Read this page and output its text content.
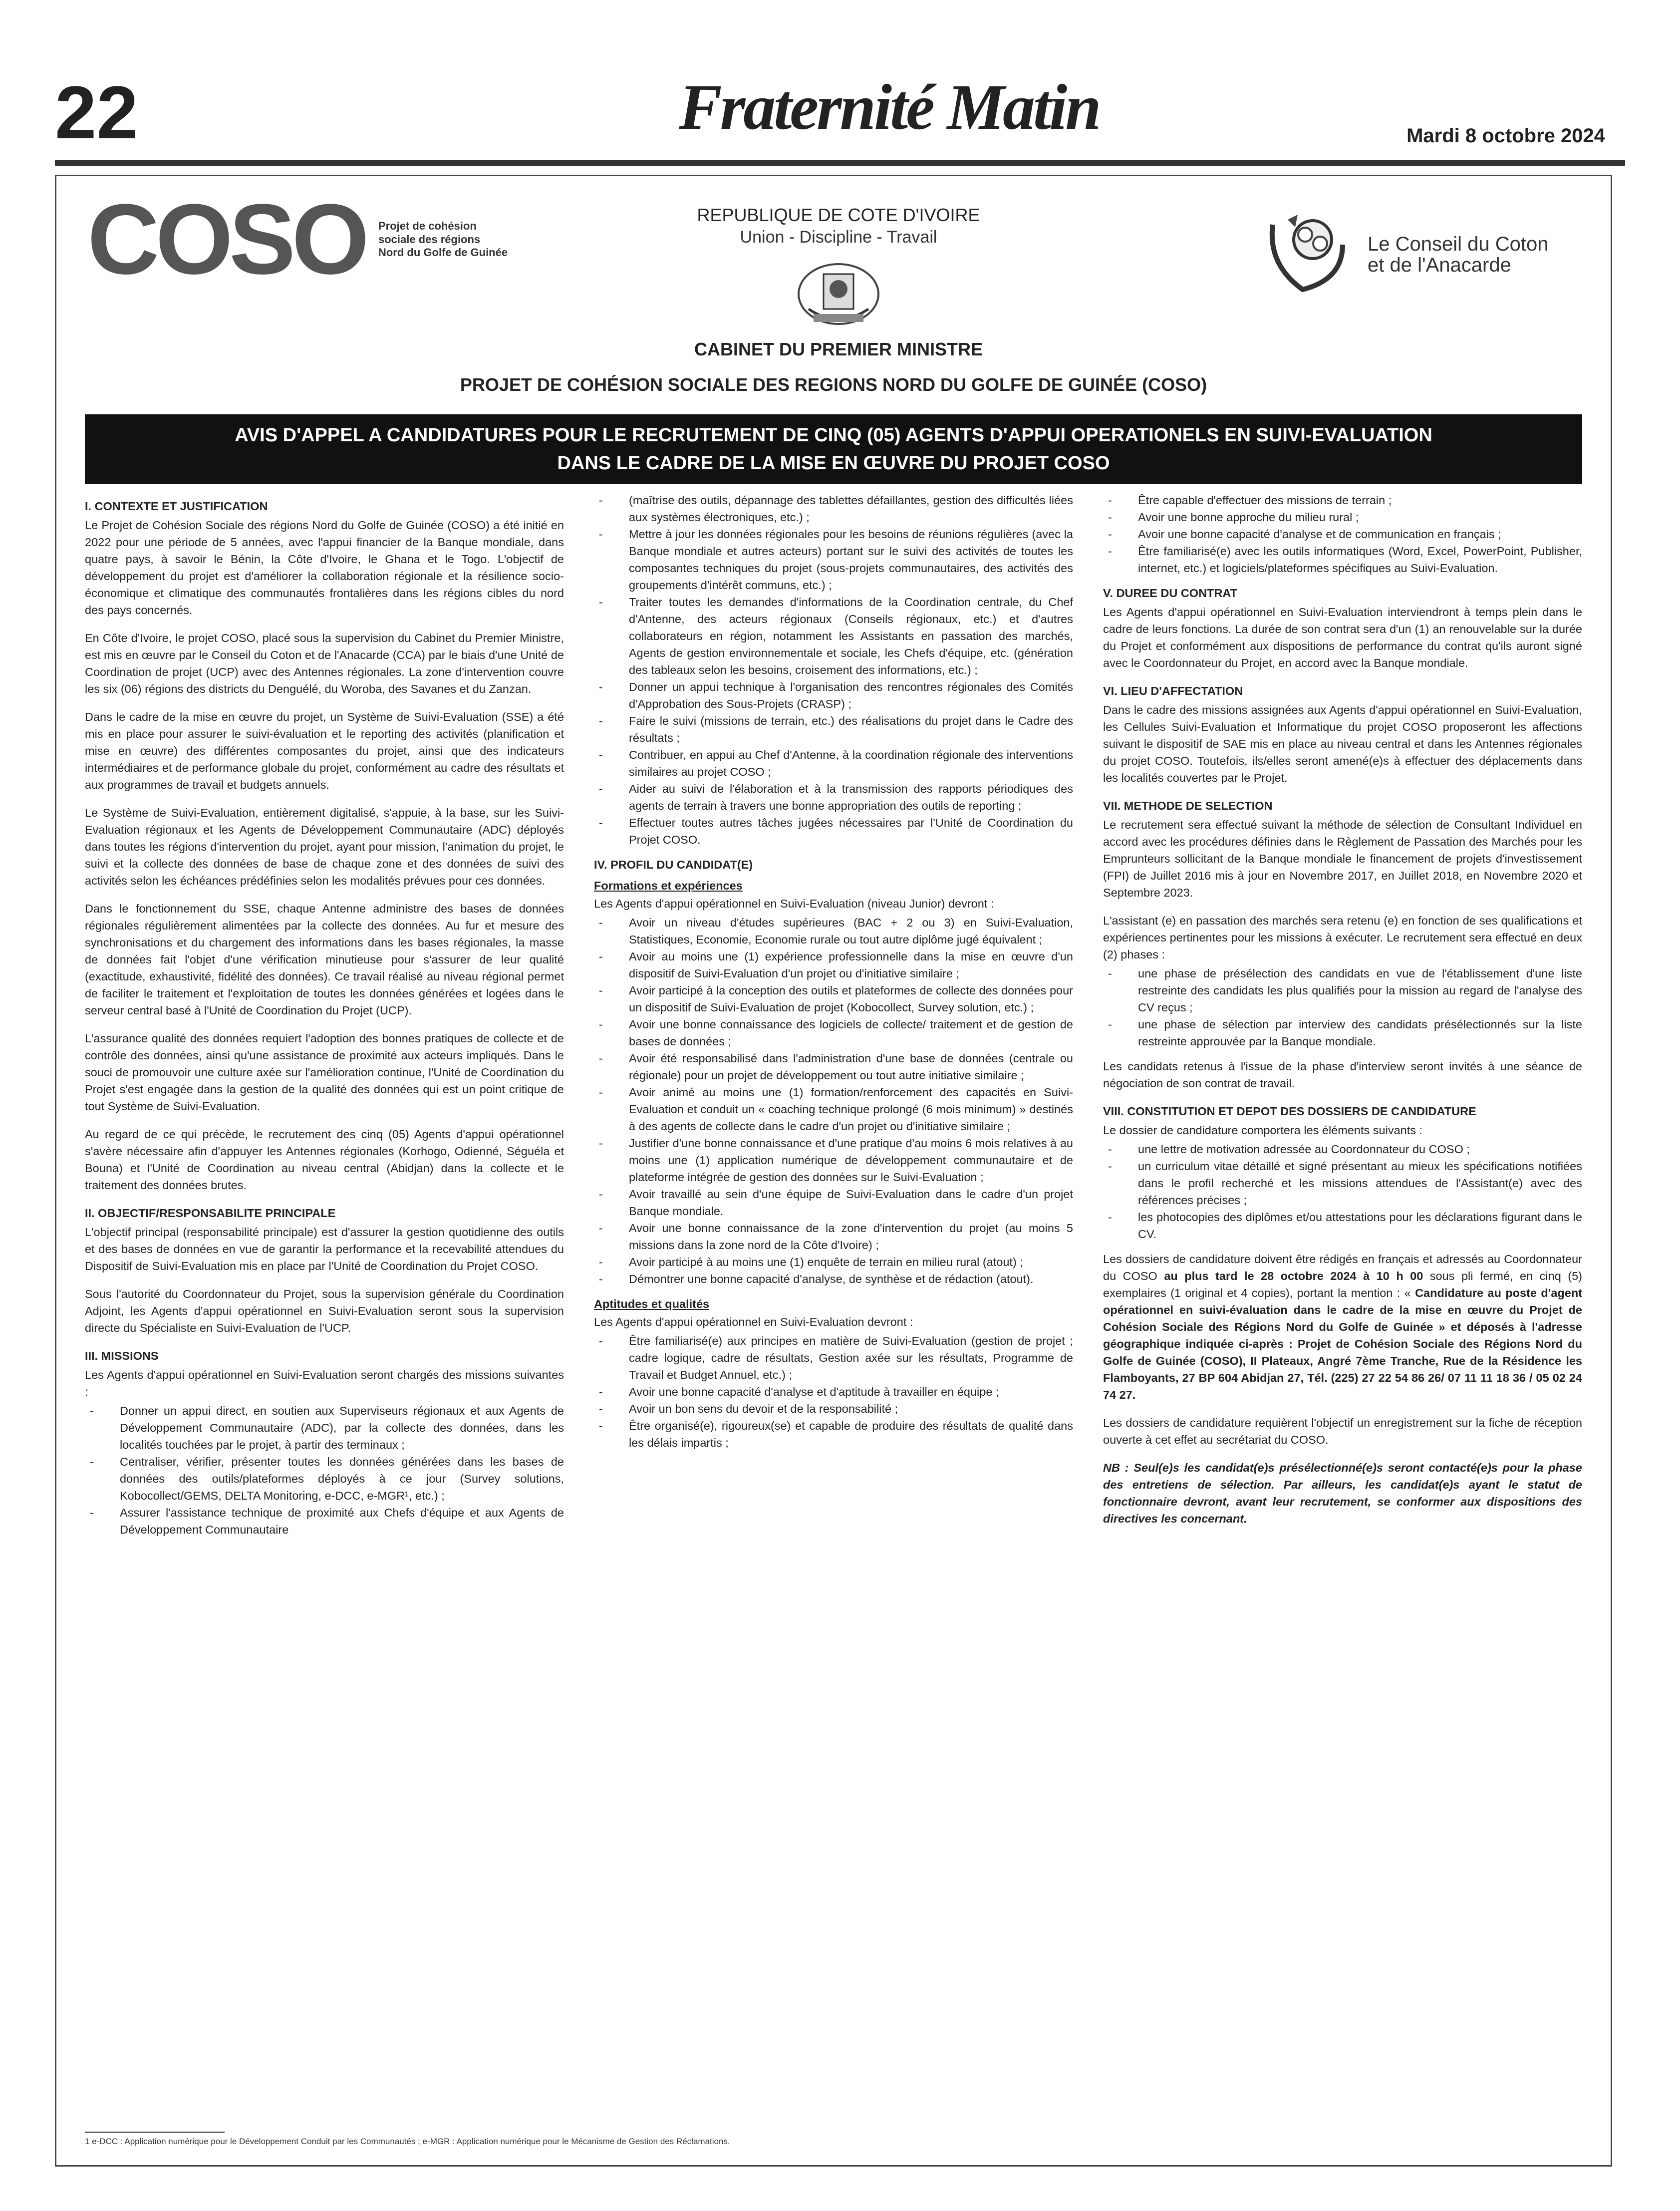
22	Fraternité Matin	Mardi 8 octobre 2024
COSO Projet de cohésion sociale des régions Nord du Golfe de Guinée
REPUBLIQUE DE COTE D'IVOIRE
Union - Discipline - Travail
CABINET DU PREMIER MINISTRE
Le Conseil du Coton
et de l'Anacarde
PROJET DE COHÉSION SOCIALE DES REGIONS NORD DU GOLFE DE GUINÉE (COSO)
AVIS D'APPEL A CANDIDATURES POUR LE RECRUTEMENT DE CINQ (05) AGENTS D'APPUI OPERATIONELS EN SUIVI-EVALUATION
DANS LE CADRE DE LA MISE EN ŒUVRE DU PROJET COSO
I. CONTEXTE ET JUSTIFICATION

Le Projet de Cohésion Sociale des régions Nord du Golfe de Guinée (COSO) a été initié en 2022 pour une période de 5 années, avec l'appui financier de la Banque mondiale, dans quatre pays, à savoir le Bénin, la Côte d'Ivoire, le Ghana et le Togo. L'objectif de développement du projet est d'améliorer la collaboration régionale et la résilience socio-économique et climatique des communautés frontalières dans les régions cibles du nord des pays concernés.

En Côte d'Ivoire, le projet COSO, placé sous la supervision du Cabinet du Premier Ministre, est mis en œuvre par le Conseil du Coton et de l'Anacarde (CCA) par le biais d'une Unité de Coordination de projet (UCP) avec des Antennes régionales. La zone d'intervention couvre les six (06) régions des districts du Denguélé, du Woroba, des Savanes et du Zanzan.

Dans le cadre de la mise en œuvre du projet, un Système de Suivi-Evaluation (SSE) a été mis en place pour assurer le suivi-évaluation et le reporting des activités (planification et mise en œuvre) des différentes composantes du projet, ainsi que des indicateurs intermédiaires et de performance globale du projet, conformément au cadre des résultats et aux programmes de travail et budgets annuels.

Le Système de Suivi-Evaluation, entièrement digitalisé, s'appuie, à la base, sur les Suivi-Evaluation régionaux et les Agents de Développement Communautaire (ADC) déployés dans toutes les régions d'intervention du projet, ayant pour mission, l'animation du projet, le suivi et la collecte des données de base de chaque zone et des données de suivi des activités selon les échéances prédéfinies selon les modalités prévues pour ces données.

Dans le fonctionnement du SSE, chaque Antenne administre des bases de données régionales régulièrement alimentées par la collecte des données. Au fur et mesure des synchronisations et du chargement des informations dans les bases régionales, la masse de données fait l'objet d'une vérification minutieuse pour s'assurer de leur qualité (exactitude, exhaustivité, fidélité des données). Ce travail réalisé au niveau régional permet de faciliter le traitement et l'exploitation de toutes les données générées et logées dans le serveur central basé à l'Unité de Coordination du Projet (UCP).

L'assurance qualité des données requiert l'adoption des bonnes pratiques de collecte et de contrôle des données, ainsi qu'une assistance de proximité aux acteurs impliqués. Dans le souci de promouvoir une culture axée sur l'amélioration continue, l'Unité de Coordination du Projet s'est engagée dans la gestion de la qualité des données qui est un point critique de tout Système de Suivi-Evaluation.

Au regard de ce qui précède, le recrutement des cinq (05) Agents d'appui opérationnel s'avère nécessaire afin d'appuyer les Antennes régionales (Korhogo, Odienné, Séguéla et Bouna) et l'Unité de Coordination au niveau central (Abidjan) dans la collecte et le traitement des données brutes.

II. OBJECTIF/RESPONSABILITE PRINCIPALE

L'objectif principal (responsabilité principale) est d'assurer la gestion quotidienne des outils et des bases de données en vue de garantir la performance et la recevabilité attendues du Dispositif de Suivi-Evaluation mis en place par l'Unité de Coordination du Projet COSO.

Sous l'autorité du Coordonnateur du Projet, sous la supervision générale du Coordination Adjoint, les Agents d'appui opérationnel en Suivi-Evaluation seront sous la supervision directe du Spécialiste en Suivi-Evaluation de l'UCP.

III. MISSIONS

Les Agents d'appui opérationnel en Suivi-Evaluation seront chargés des missions suivantes :

- Donner un appui direct, en soutien aux Superviseurs régionaux et aux Agents de Développement Communautaire (ADC), par la collecte des données, dans les localités touchées par le projet, à partir des terminaux ;
- Centraliser, vérifier, présenter toutes les données générées dans les bases de données des outils/plateformes déployés à ce jour (Survey solutions, Kobocollect/GEMS, DELTA Monitoring, e-DCC, e-MGR¹, etc.) ;
- Assurer l'assistance technique de proximité aux Chefs d'équipe et aux Agents de Développement Communautaire
- (maîtrise des outils, dépannage des tablettes défaillantes, gestion des difficultés liées aux systèmes électroniques, etc.) ;
- Mettre à jour les données régionales pour les besoins de réunions régulières (avec la Banque mondiale et autres acteurs) portant sur le suivi des activités de toutes les composantes techniques du projet (sous-projets communautaires, des activités des groupements d'intérêt communs, etc.) ;
- Traiter toutes les demandes d'informations de la Coordination centrale, du Chef d'Antenne, des acteurs régionaux (Conseils régionaux, etc.) et d'autres collaborateurs en région, notamment les Assistants en passation des marchés, Agents de gestion environnementale et sociale, les Chefs d'équipe, etc. (génération des tableaux selon les besoins, croisement des informations, etc.) ;
- Donner un appui technique à l'organisation des rencontres régionales des Comités d'Approbation des Sous-Projets (CRASP) ;
- Faire le suivi (missions de terrain, etc.) des réalisations du projet dans le Cadre des résultats ;
- Contribuer, en appui au Chef d'Antenne, à la coordination régionale des interventions similaires au projet COSO ;
- Aider au suivi de l'élaboration et à la transmission des rapports périodiques des agents de terrain à travers une bonne appropriation des outils de reporting ;
- Effectuer toutes autres tâches jugées nécessaires par l'Unité de Coordination du Projet COSO.
IV. PROFIL DU CANDIDAT(E)
Formations et expériences

Les Agents d'appui opérationnel en Suivi-Evaluation (niveau Junior) devront :

- Avoir un niveau d'études supérieures (BAC + 2 ou 3) en Suivi-Evaluation, Statistiques, Economie, Economie rurale ou tout autre diplôme jugé équivalent ;
- Avoir au moins une (1) expérience professionnelle dans la mise en œuvre d'un dispositif de Suivi-Evaluation d'un projet ou d'initiative similaire ;
- Avoir participé à la conception des outils et plateformes de collecte des données pour un dispositif de Suivi-Evaluation de projet (Kobocollect, Survey solution, etc.) ;
- Avoir une bonne connaissance des logiciels de collecte/ traitement et de gestion de bases de données ;
- Avoir été responsabilisé dans l'administration d'une base de données (centrale ou régionale) pour un projet de développement ou tout autre initiative similaire ;
- Avoir animé au moins une (1) formation/renforcement des capacités en Suivi-Evaluation et conduit un « coaching technique prolongé (6 mois minimum) » destinés à des agents de collecte dans le cadre d'un projet ou d'initiative similaire ;
- Justifier d'une bonne connaissance et d'une pratique d'au moins 6 mois relatives à au moins une (1) application numérique de développement communautaire et de plateforme intégrée de gestion des données sur le Suivi-Evaluation ;
- Avoir travaillé au sein d'une équipe de Suivi-Evaluation dans le cadre d'un projet Banque mondiale.
- Avoir une bonne connaissance de la zone d'intervention du projet (au moins 5 missions dans la zone nord de la Côte d'Ivoire) ;
- Avoir participé à au moins une (1) enquête de terrain en milieu rural (atout) ;
- Démontrer une bonne capacité d'analyse, de synthèse et de rédaction (atout).
Aptitudes et qualités

Les Agents d'appui opérationnel en Suivi-Evaluation devront :

- Être familiarisé(e) aux principes en matière de Suivi-Evaluation (gestion de projet ; cadre logique, cadre de résultats, Gestion axée sur les résultats, Programme de Travail et Budget Annuel, etc.) ;
- Avoir une bonne capacité d'analyse et d'aptitude à travailler en équipe ;
- Avoir un bon sens du devoir et de la responsabilité ;
- Être organisé(e), rigoureux(se) et capable de produire des résultats de qualité dans les délais impartis ;
- Être capable d'effectuer des missions de terrain ;
- Avoir une bonne approche du milieu rural ;
- Avoir une bonne capacité d'analyse et de communication en français ;
- Être familiarisé(e) avec les outils informatiques (Word, Excel, PowerPoint, Publisher, internet, etc.) et logiciels/plateformes spécifiques au Suivi-Evaluation.
V. DUREE DU CONTRAT

Les Agents d'appui opérationnel en Suivi-Evaluation interviendront à temps plein dans le cadre de leurs fonctions. La durée de son contrat sera d'un (1) an renouvelable sur la durée du Projet et conformément aux dispositions de performance du contrat qu'ils auront signé avec le Coordonnateur du Projet, en accord avec la Banque mondiale.

VI. LIEU D'AFFECTATION

Dans le cadre des missions assignées aux Agents d'appui opérationnel en Suivi-Evaluation, les Cellules Suivi-Evaluation et Informatique du projet COSO proposeront les affections suivant le dispositif de SAE mis en place au niveau central et dans les Antennes régionales du projet COSO. Toutefois, ils/elles seront amené(e)s à effectuer des déplacements dans les localités couvertes par le Projet.

VII. METHODE DE SELECTION

Le recrutement sera effectué suivant la méthode de sélection de Consultant Individuel en accord avec les procédures définies dans le Règlement de Passation des Marchés pour les Emprunteurs sollicitant de la Banque mondiale le financement de projets d'investissement (FPI) de Juillet 2016 mis à jour en Novembre 2017, en Juillet 2018, en Novembre 2020 et Septembre 2023.

L'assistant (e) en passation des marchés sera retenu (e) en fonction de ses qualifications et expériences pertinentes pour les missions à exécuter. Le recrutement sera effectué en deux (2) phases :

- une phase de présélection des candidats en vue de l'établissement d'une liste restreinte des candidats les plus qualifiés pour la mission au regard de l'analyse des CV reçus ;
- une phase de sélection par interview des candidats présélectionnés sur la liste restreinte approuvée par la Banque mondiale.

Les candidats retenus à l'issue de la phase d'interview seront invités à une séance de négociation de son contrat de travail.

VIII. CONSTITUTION ET DEPOT DES DOSSIERS DE CANDIDATURE

Le dossier de candidature comportera les éléments suivants :

- une lettre de motivation adressée au Coordonnateur du COSO ;
- un curriculum vitae détaillé et signé présentant au mieux les spécifications notifiées dans le profil recherché et les missions attendues de l'Assistant(e) avec des références précises ;
- les photocopies des diplômes et/ou attestations pour les déclarations figurant dans le CV.

Les dossiers de candidature doivent être rédigés en français et adressés au Coordonnateur du COSO au plus tard le 28 octobre 2024 à 10 h 00 sous pli fermé, en cinq (5) exemplaires (1 original et 4 copies), portant la mention : « Candidature au poste d'agent opérationnel en suivi-évaluation dans le cadre de la mise en œuvre du Projet de Cohésion Sociale des Régions Nord du Golfe de Guinée » et déposés à l'adresse géographique indiquée ci-après : Projet de Cohésion Sociale des Régions Nord du Golfe de Guinée (COSO), II Plateaux, Angré 7ème Tranche, Rue de la Résidence les Flamboyants, 27 BP 604 Abidjan 27, Tél. (225) 27 22 54 86 26/ 07 11 11 18 36 / 05 02 24 74 27.

Les dossiers de candidature requièrent l'objectif un enregistrement sur la fiche de réception ouverte à cet effet au secrétariat du COSO.

NB : Seul(e)s les candidat(e)s présélectionné(e)s seront contacté(e)s pour la phase des entretiens de sélection. Par ailleurs, les candidat(e)s ayant le statut de fonctionnaire devront, avant leur recrutement, se conformer aux dispositions des directives les concernant.

1 e-DCC : Application numérique pour le Développement Conduit par les Communautés ; e-MGR : Application numérique pour le Mécanisme de Gestion des Réclamations.
